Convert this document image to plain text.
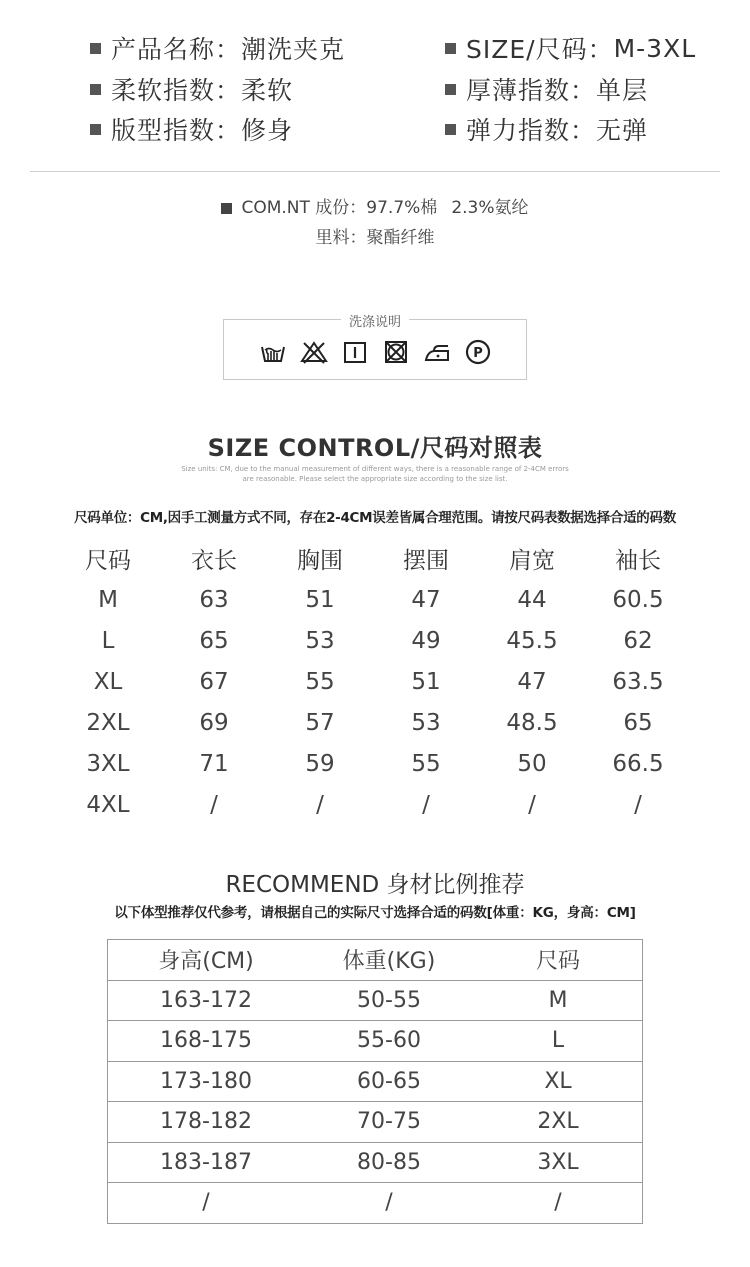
产品名称： 潮洗夹克
柔软指数： 柔软
版型指数： 修身
SIZE/尺码： M-3XL
厚薄指数： 单层
弹力指数： 无弹
COM.NT 成份： 97.7%棉 2.3%氨纶
里料：聚酯纤维
洗涤说明
P
SIZE CONTROL/尺码对照表
Size units: CM, due to the manual measurement of different ways, there is a reasonable range of 2-4CM errors
are reasonable. Please select the appropriate size according to the size list.
尺码单位：CM,因手工测量方式不同，存在2-4CM误差皆属合理范围。请按尺码表数据选择合适的码数
尺码	衣长	胸围	摆围	肩宽	袖长
M	63	51	47	44	60.5
L	65	53	49	45.5	62
XL	67	55	51	47	63.5
2XL	69	57	53	48.5	65
3XL	71	59	55	50	66.5
4XL	/	/	/	/	/
RECOMMEND 身材比例推荐
以下体型推荐仅代参考，请根据自己的实际尺寸选择合适的码数[体重：KG，身高：CM]
身高(CM)	体重(KG)	尺码
163-172	50-55	M
168-175	55-60	L
173-180	60-65	XL
178-182	70-75	2XL
183-187	80-85	3XL
/	/	/
